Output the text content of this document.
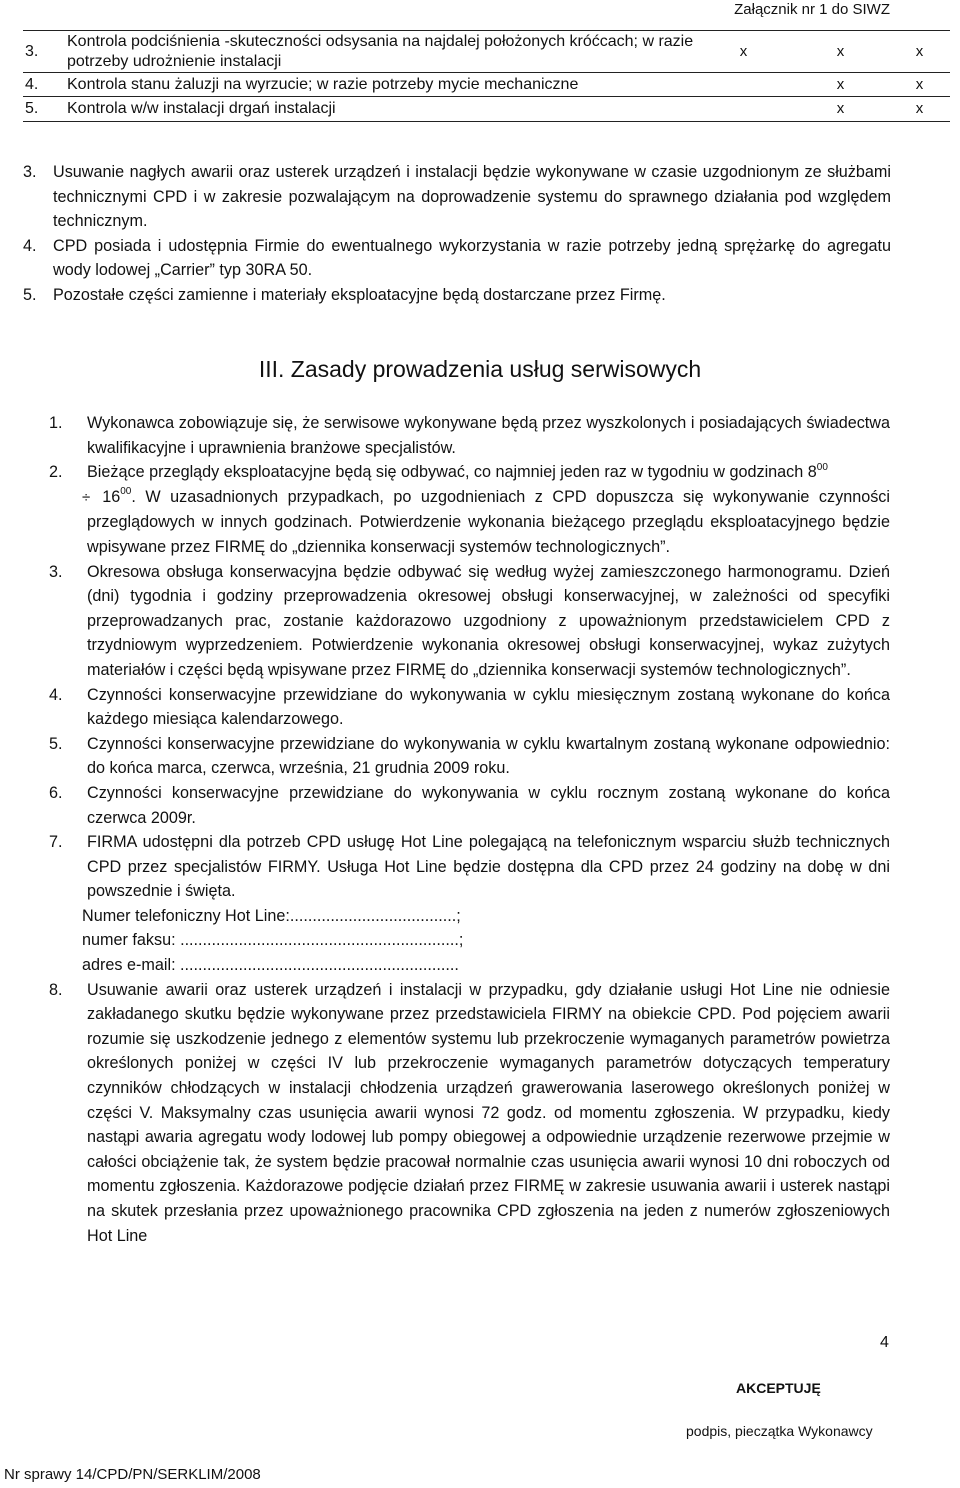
Załącznik nr 1 do SIWZ
3.	Kontrola podciśnienia -skuteczności odsysania na najdalej położonych króćcach; w razie potrzeby udrożnienie instalacji	x	x	x
4.	Kontrola stanu żaluzji na wyrzucie; w razie potrzeby mycie mechaniczne		x	x
5.	Kontrola w/w instalacji drgań instalacji		x	x
3.	Usuwanie nagłych awarii oraz usterek urządzeń i instalacji będzie wykonywane w czasie uzgodnionym ze służbami technicznymi CPD i w zakresie pozwalającym na doprowadzenie systemu do sprawnego działania pod względem technicznym.
4.	CPD posiada i udostępnia Firmie do ewentualnego wykorzystania w razie potrzeby jedną sprężarkę do agregatu wody lodowej „Carrier” typ 30RA 50.
5.	Pozostałe części zamienne i materiały eksploatacyjne będą dostarczane przez Firmę.
III. Zasady prowadzenia usług serwisowych
1.	Wykonawca zobowiązuje się, że serwisowe wykonywane będą przez wyszkolonych i posiadających świadectwa kwalifikacyjne i uprawnienia branżowe specjalistów.
2.	Bieżące przeglądy eksploatacyjne będą się odbywać, co najmniej jeden raz w tygodniu w godzinach $8^{00}$
÷ $16^{00}$. W uzasadnionych przypadkach, po uzgodnieniach z CPD dopuszcza się wykonywanie czynności przeglądowych w innych godzinach. Potwierdzenie wykonania bieżącego przeglądu eksploatacyjnego będzie wpisywane przez FIRMĘ do „dziennika konserwacji systemów technologicznych”.
3.	Okresowa obsługa konserwacyjna będzie odbywać się według wyżej zamieszczonego harmonogramu. Dzień (dni) tygodnia i godziny przeprowadzenia okresowej obsługi konserwacyjnej, w zależności od specyfiki przeprowadzanych prac, zostanie każdorazowo uzgodniony z upoważnionym przedstawicielem CPD z trzydniowym wyprzedzeniem. Potwierdzenie wykonania okresowej obsługi konserwacyjnej, wykaz zużytych materiałów i części będą wpisywane przez FIRMĘ do „dziennika konserwacji systemów technologicznych”.
4.	Czynności konserwacyjne przewidziane do wykonywania w cyklu miesięcznym zostaną wykonane do końca każdego miesiąca kalendarzowego.
5.	Czynności konserwacyjne przewidziane do wykonywania w cyklu kwartalnym zostaną wykonane odpowiednio: do końca marca, czerwca, września, 21 grudnia 2009 roku.
6.	Czynności konserwacyjne przewidziane do wykonywania w cyklu rocznym zostaną wykonane do końca czerwca 2009r.
7.	FIRMA udostępni dla potrzeb CPD usługę Hot Line polegającą na telefonicznym wsparciu służb technicznych CPD przez specjalistów FIRMY. Usługa Hot Line będzie dostępna dla CPD przez 24 godziny na dobę w dni powszednie i święta.
Numer telefoniczny Hot Line:.....................................;
numer faksu: ..............................................................;
adres e-mail: ..............................................................
8.	Usuwanie awarii oraz usterek urządzeń i instalacji w przypadku, gdy działanie usługi Hot Line nie odniesie zakładanego skutku będzie wykonywane przez przedstawiciela FIRMY na obiekcie CPD. Pod pojęciem awarii rozumie się uszkodzenie jednego z elementów systemu lub przekroczenie wymaganych parametrów powietrza określonych poniżej w części IV lub przekroczenie wymaganych parametrów dotyczących temperatury czynników chłodzących w instalacji chłodzenia urządzeń grawerowania laserowego określonych poniżej w części V. Maksymalny czas usunięcia awarii wynosi 72 godz. od momentu zgłoszenia. W przypadku, kiedy nastąpi awaria agregatu wody lodowej lub pompy obiegowej a odpowiednie urządzenie rezerwowe przejmie w całości obciążenie tak, że system będzie pracował normalnie czas usunięcia awarii wynosi 10 dni roboczych od momentu zgłoszenia. Każdorazowe podjęcie działań przez FIRMĘ w zakresie usuwania awarii i usterek nastąpi na skutek przesłania przez upoważnionego pracownika CPD zgłoszenia na jeden z numerów zgłoszeniowych Hot Line
4
AKCEPTUJĘ
podpis, pieczątka Wykonawcy
Nr sprawy 14/CPD/PN/SERKLIM/2008
